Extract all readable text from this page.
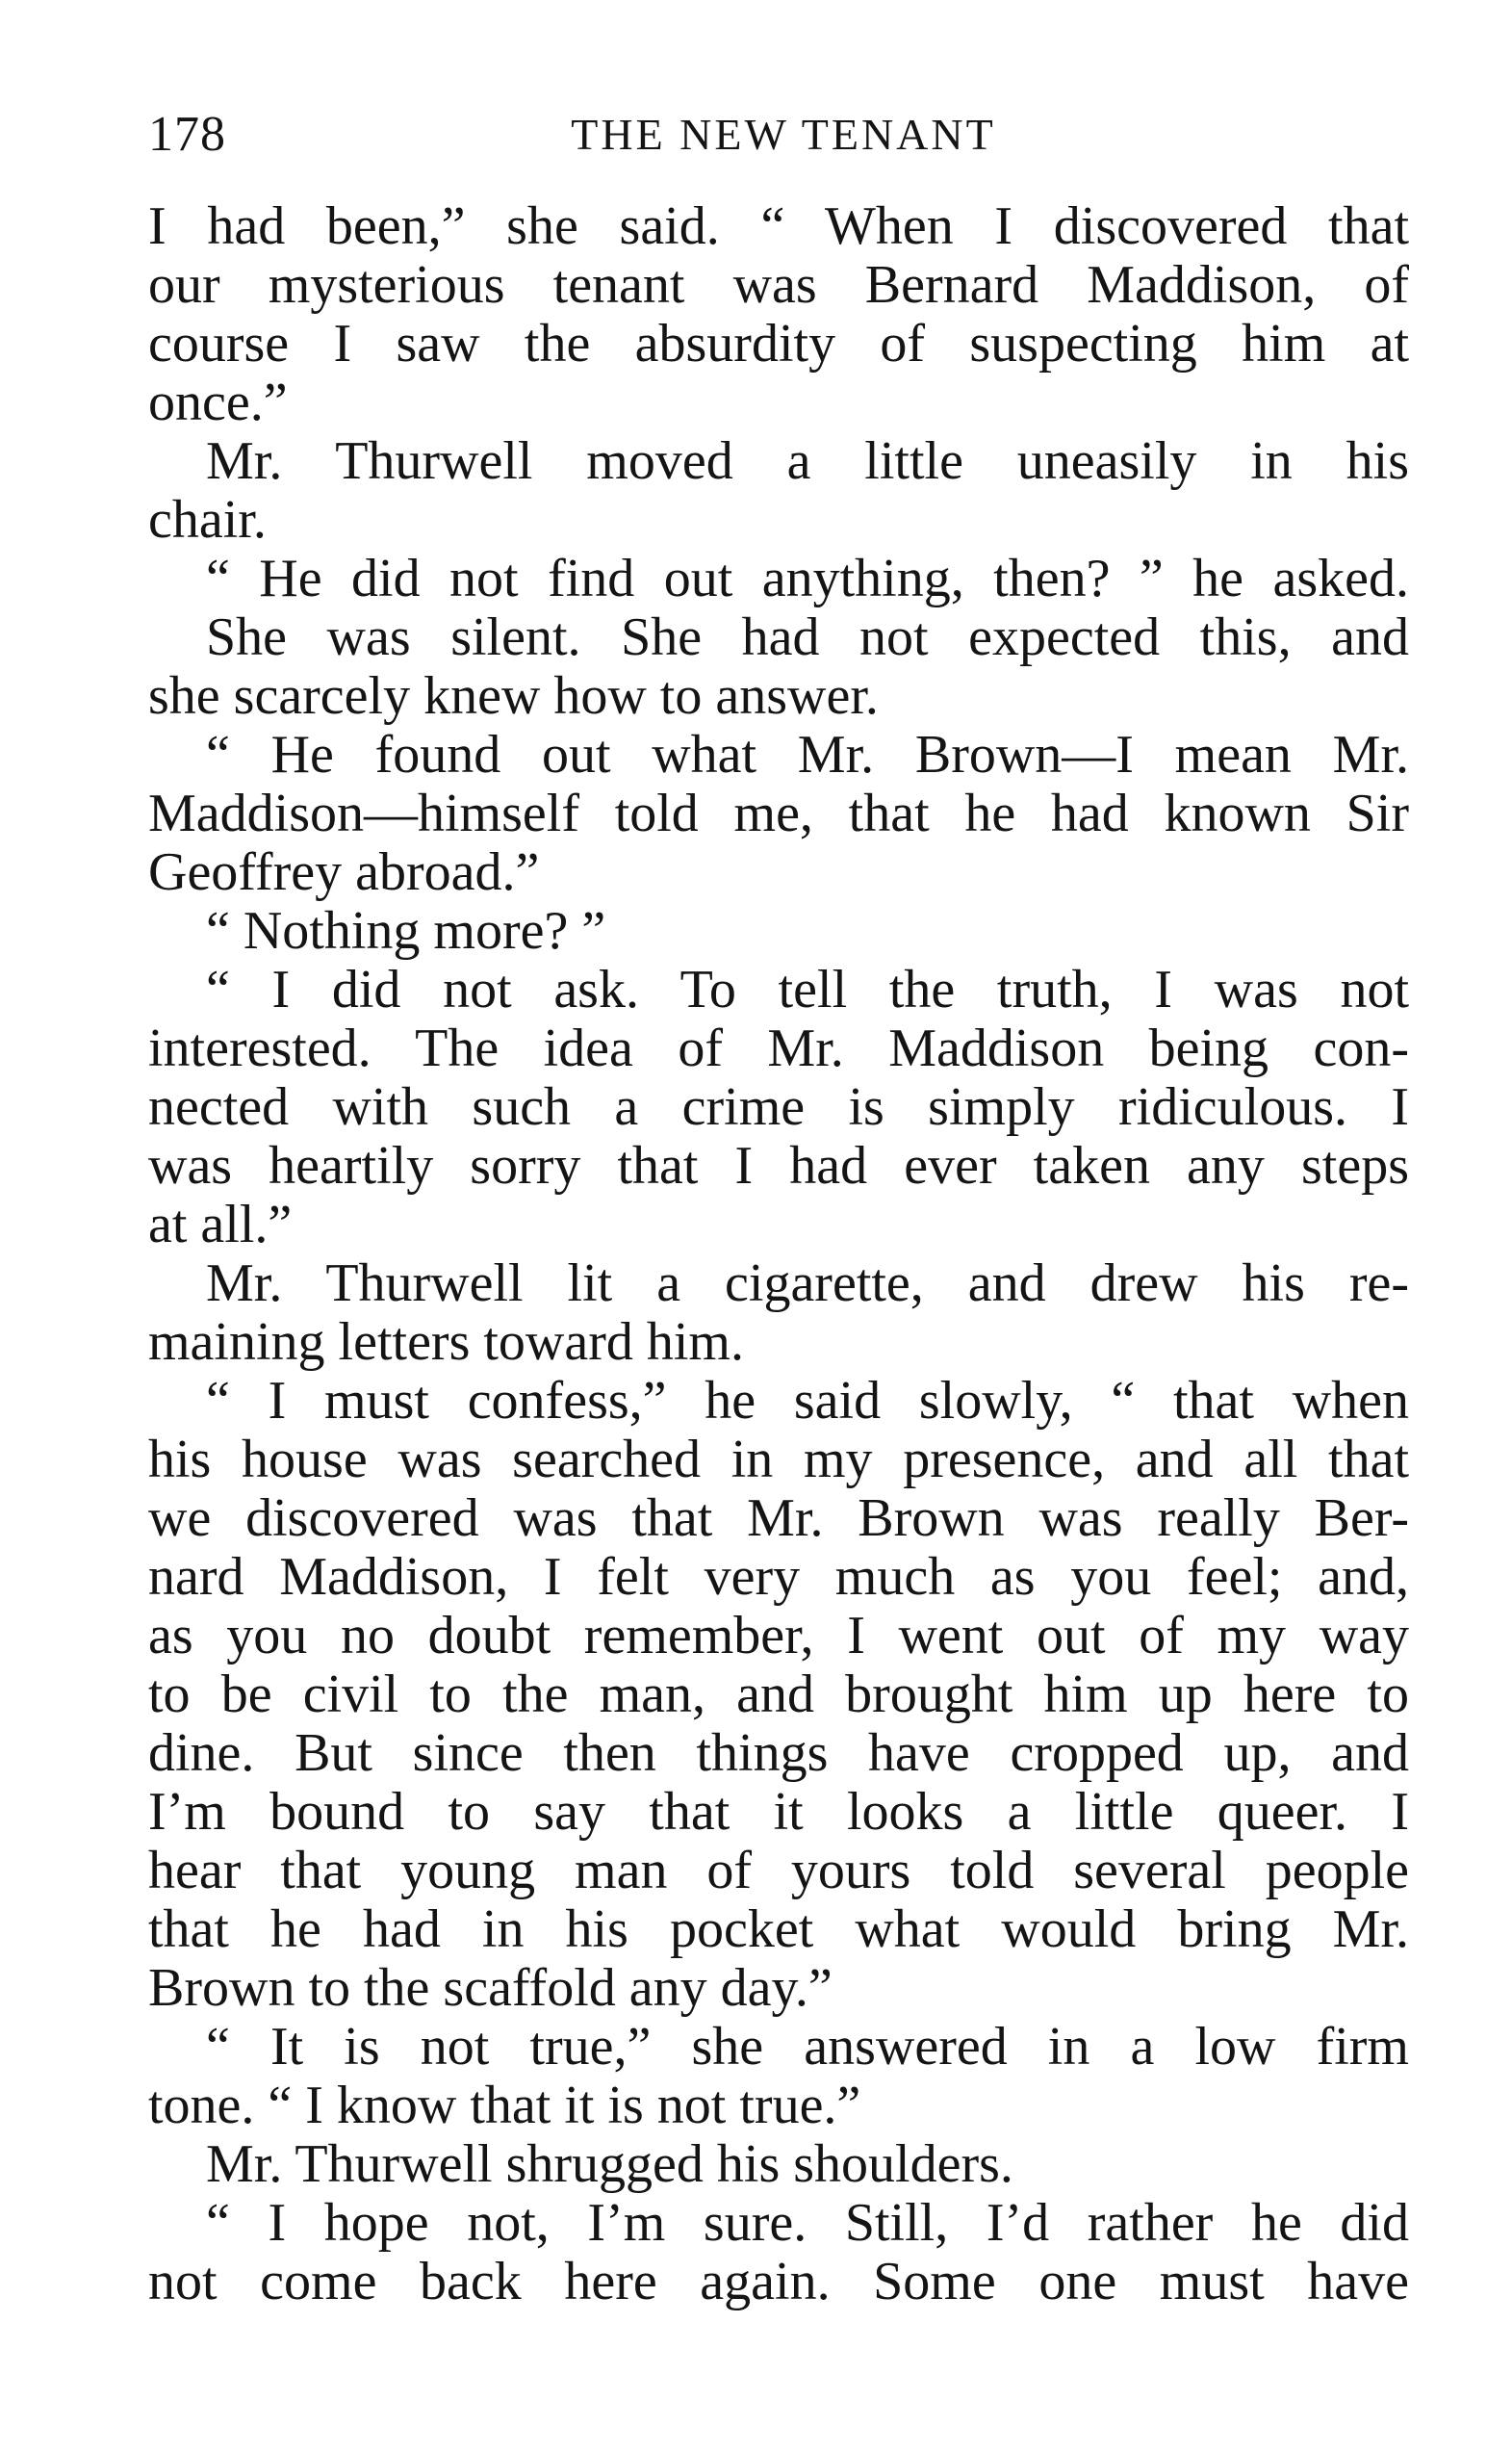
178	THE NEW TENANT
I had been,” she said. “ When I discovered that
our mysterious tenant was Bernard Maddison, of
course I saw the absurdity of suspecting him at
once.”
Mr. Thurwell moved a little uneasily in his
chair.
“ He did not find out anything, then? ” he asked.
She was silent. She had not expected this, and
she scarcely knew how to answer.
“ He found out what Mr. Brown—I mean Mr.
Maddison—himself told me, that he had known Sir
Geoffrey abroad.”
“ Nothing more? ”
“ I did not ask. To tell the truth, I was not
interested. The idea of Mr. Maddison being con-
nected with such a crime is simply ridiculous. I
was heartily sorry that I had ever taken any steps
at all.”
Mr. Thurwell lit a cigarette, and drew his re-
maining letters toward him.
“ I must confess,” he said slowly, “ that when
his house was searched in my presence, and all that
we discovered was that Mr. Brown was really Ber-
nard Maddison, I felt very much as you feel; and,
as you no doubt remember, I went out of my way
to be civil to the man, and brought him up here to
dine. But since then things have cropped up, and
I’m bound to say that it looks a little queer. I
hear that young man of yours told several people
that he had in his pocket what would bring Mr.
Brown to the scaffold any day.”
“ It is not true,” she answered in a low firm
tone. “ I know that it is not true.”
Mr. Thurwell shrugged his shoulders.
“ I hope not, I’m sure. Still, I’d rather he did
not come back here again. Some one must have
